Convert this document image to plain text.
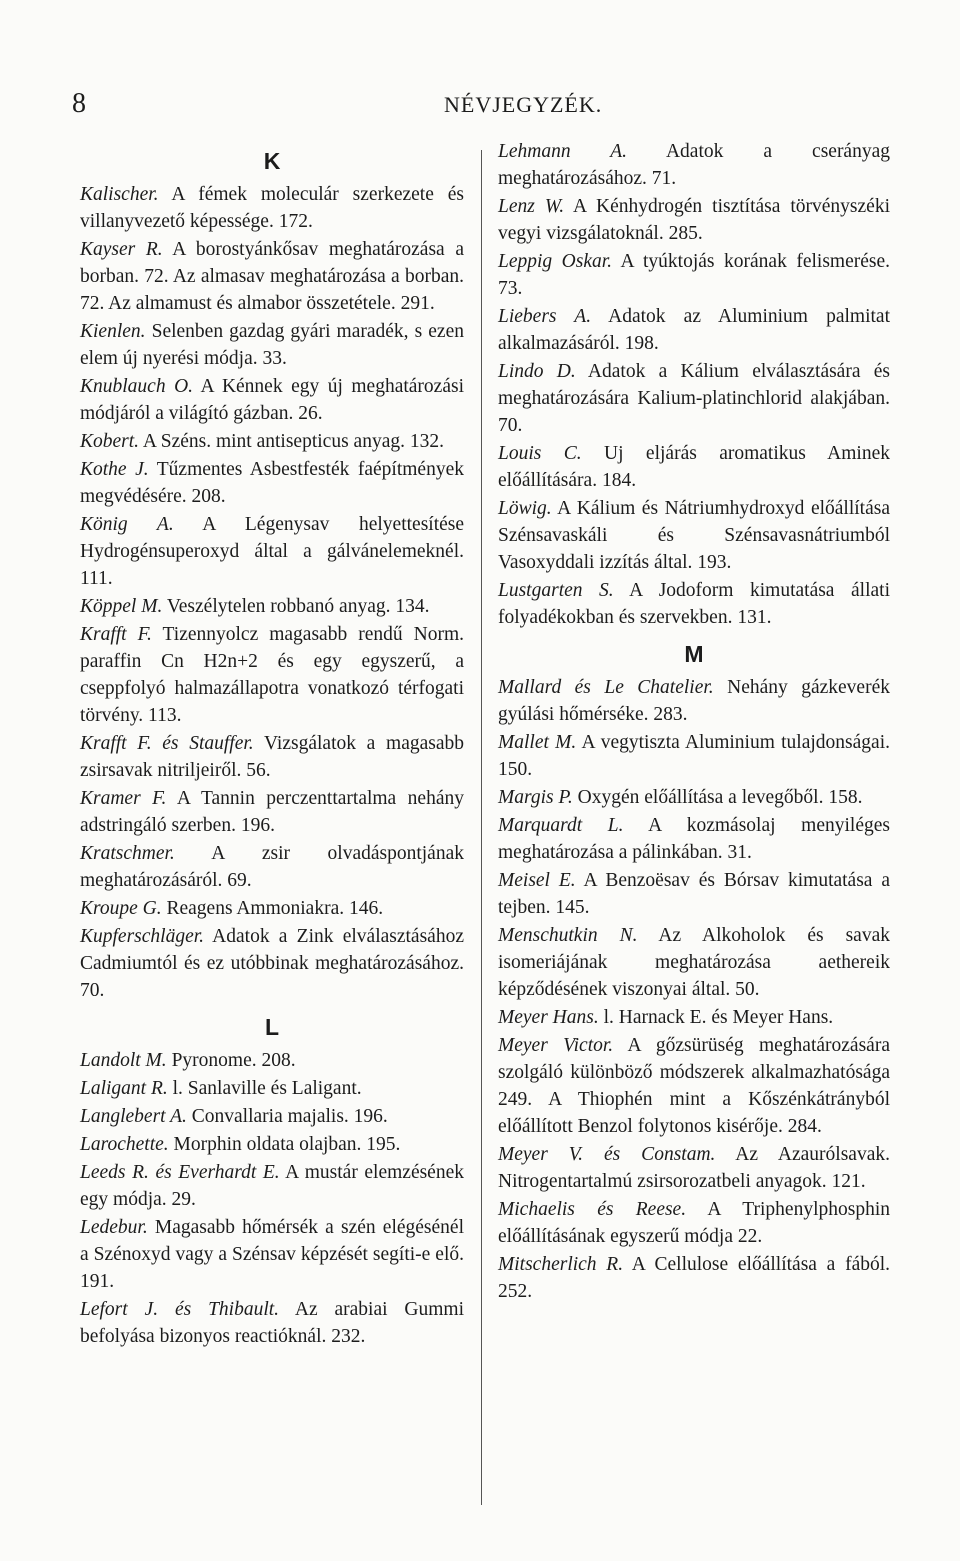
8	NÉVJEGYZÉK.
K

Kalischer. A fémek moleculár szerkezete és villanyvezető képessége. 172.

Kayser R. A borostyánkősav meghatározása a borban. 72. Az almasav meghatározása a borban. 72. Az almamust és almabor összetétele. 291.

Kienlen. Selenben gazdag gyári maradék, s ezen elem új nyerési módja. 33.

Knublauch O. A Kénnek egy új meghatározási módjáról a világító gázban. 26.

Kobert. A Széns. mint antisepticus anyag. 132.

Kothe J. Tűzmentes Asbestfesték faépítmények megvédésére. 208.

König A. A Légenysav helyettesítése Hydrogénsuperoxyd által a gálvánelemeknél. 111.

Köppel M. Veszélytelen robbanó anyag. 134.

Krafft F. Tizennyolcz magasabb rendű Norm. paraffin Cn H2n+2 és egy egyszerű, a cseppfolyó halmazállapotra vonatkozó térfogati törvény. 113.

Krafft F. és Stauffer. Vizsgálatok a magasabb zsirsavak nitriljeiről. 56.

Kramer F. A Tannin perczenttartalma nehány adstringáló szerben. 196.

Kratschmer. A zsir olvadáspontjának meghatározásáról. 69.

Kroupe G. Reagens Ammoniakra. 146.

Kupferschläger. Adatok a Zink elválasztásához Cadmiumtól és ez utóbbinak meghatározásához. 70.

L

Landolt M. Pyronome. 208.

Laligant R. l. Sanlaville és Laligant.

Langlebert A. Convallaria majalis. 196.

Larochette. Morphin oldata olajban. 195.

Leeds R. és Everhardt E. A mustár elemzésének egy módja. 29.

Ledebur. Magasabb hőmérsék a szén elégésénél a Szénoxyd vagy a Szénsav képzését segíti-e elő. 191.

Lefort J. és Thibault. Az arabiai Gummi befolyása bizonyos reactióknál. 232.

Lehmann A. Adatok a cserányag meghatározásához. 71.

Lenz W. A Kénhydrogén tisztítása törvényszéki vegyi vizsgálatoknál. 285.

Leppig Oskar. A tyúktojás korának felismerése. 73.

Liebers A. Adatok az Aluminium palmitat alkalmazásáról. 198.

Lindo D. Adatok a Kálium elválasztására és meghatározására Kalium-platinchlorid alakjában. 70.

Louis C. Uj eljárás aromatikus Aminek előállítására. 184.

Löwig. A Kálium és Nátriumhydroxyd előállítása Szénsavaskáli és Szénsavasnátriumból Vasoxyddali izzítás által. 193.

Lustgarten S. A Jodoform kimutatása állati folyadékokban és szervekben. 131.

M

Mallard és Le Chatelier. Nehány gázkeverék gyúlási hőmérséke. 283.

Mallet M. A vegytiszta Aluminium tulajdonságai. 150.

Margis P. Oxygén előállítása a levegőből. 158.

Marquardt L. A kozmásolaj menyiléges meghatározása a pálinkában. 31.

Meisel E. A Benzoësav és Bórsav kimutatása a tejben. 145.

Menschutkin N. Az Alkoholok és savak isomeriájának meghatározása aethereik képződésének viszonyai által. 50.

Meyer Hans. l. Harnack E. és Meyer Hans.

Meyer Victor. A gőzsürüség meghatározására szolgáló különböző módszerek alkalmazhatósága 249. A Thiophén mint a Kőszénkátrányból előállított Benzol folytonos kisérője. 284.

Meyer V. és Constam. Az Azaurólsavak. Nitrogentartalmú zsirsorozatbeli anyagok. 121.

Michaelis és Reese. A Triphenylphosphin előállításának egyszerű módja 22.

Mitscherlich R. A Cellulose előállítása a fából. 252.
